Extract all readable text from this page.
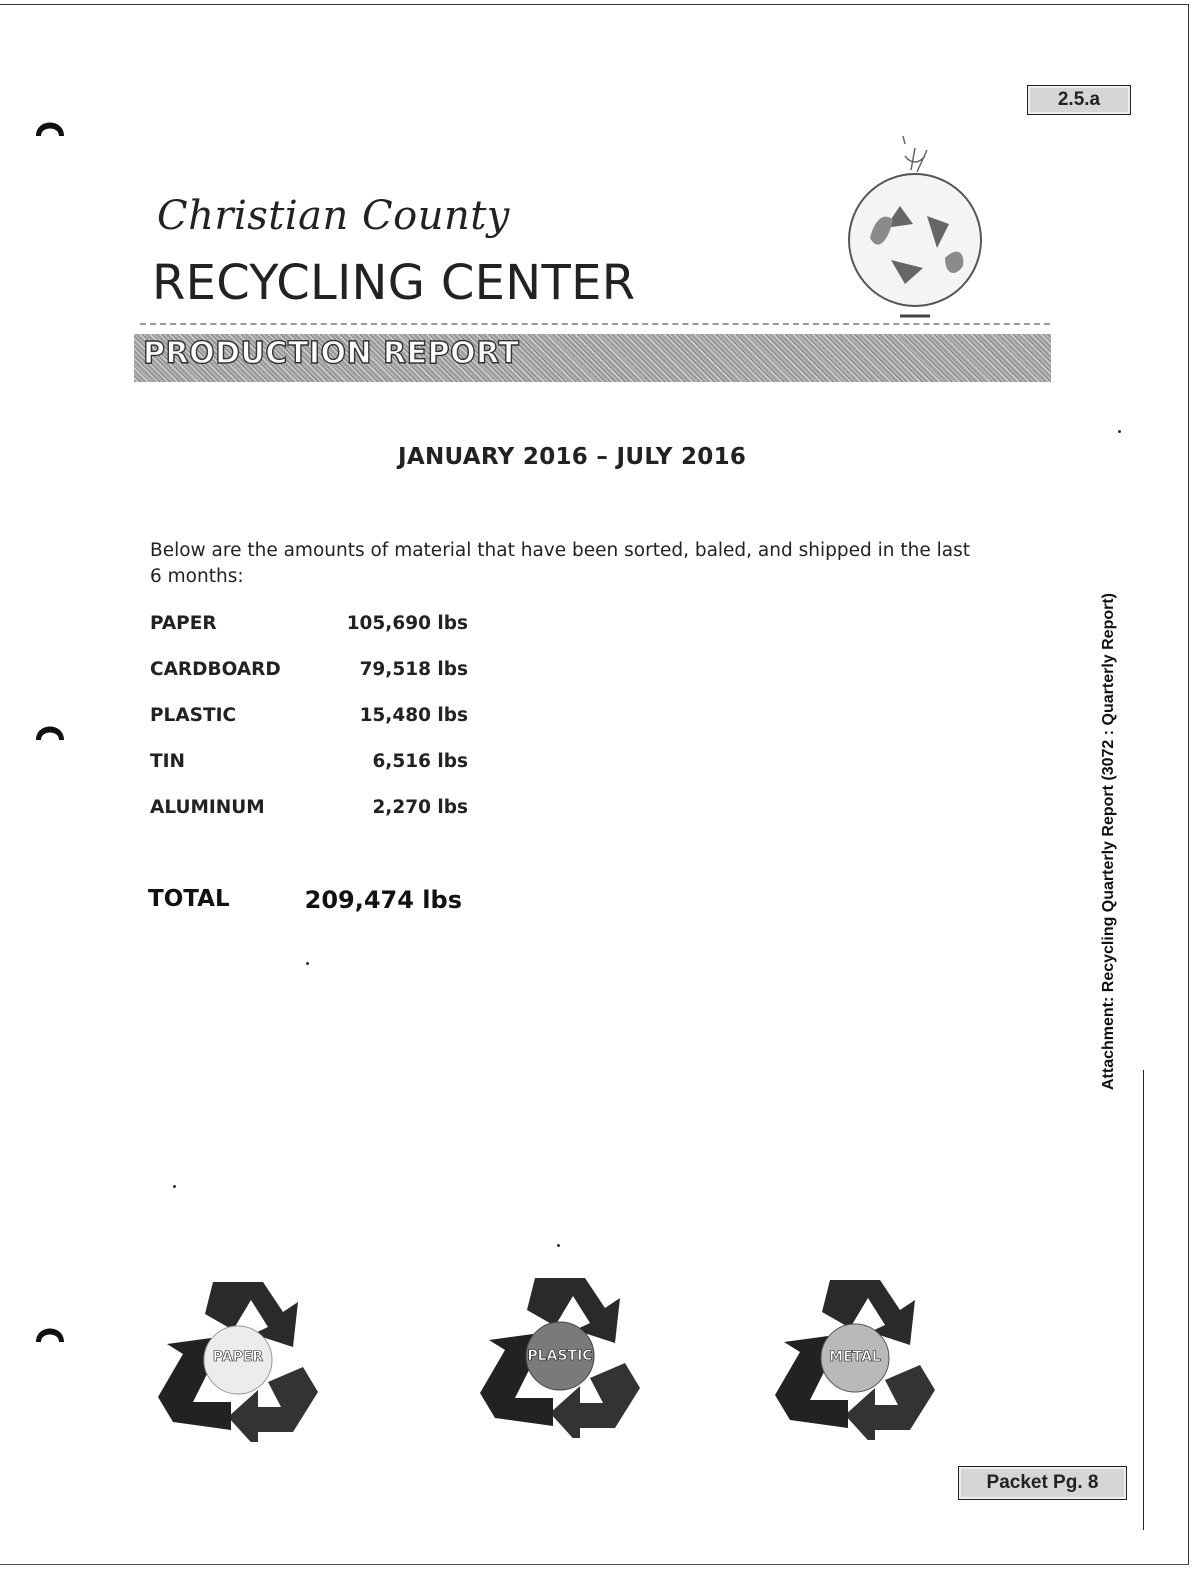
2.5.a
Christian County
RECYCLING CENTER
PRODUCTION REPORT
JANUARY 2016 – JULY 2016
Below are the amounts of material that have been sorted, baled, and shipped in the last 6 months:
PAPER	105,690 lbs
CARDBOARD	79,518 lbs
PLASTIC	15,480 lbs
TIN	6,516 lbs
ALUMINUM	2,270 lbs
TOTAL	209,474 lbs	Attachment: Recycling Quarterly Report (3072 : Quarterly Report)
PAPER	PLASTIC	METAL
Packet Pg. 8
